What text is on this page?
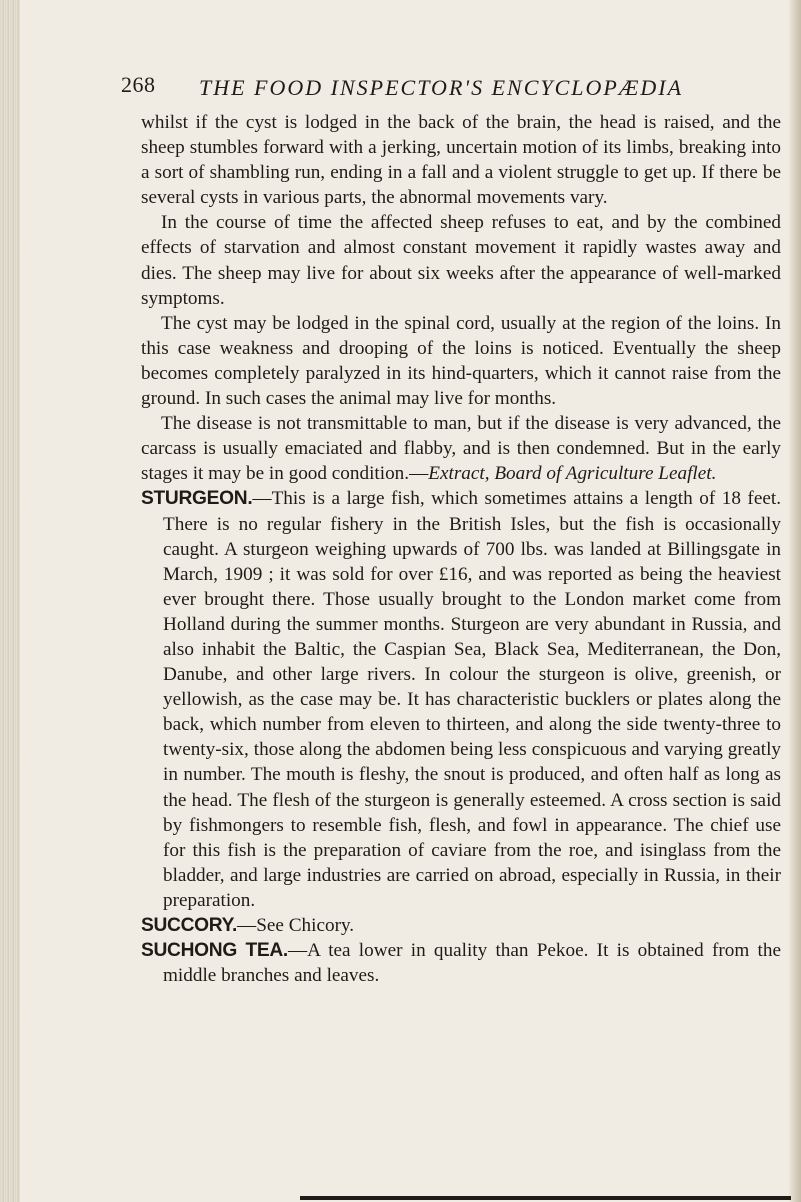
268 THE FOOD INSPECTOR'S ENCYCLOPÆDIA

whilst if the cyst is lodged in the back of the brain, the head is raised, and the sheep stumbles forward with a jerking, uncertain motion of its limbs, breaking into a sort of shambling run, ending in a fall and a violent struggle to get up. If there be several cysts in various parts, the abnormal movements vary.

In the course of time the affected sheep refuses to eat, and by the combined effects of starvation and almost constant movement it rapidly wastes away and dies. The sheep may live for about six weeks after the appearance of well-marked symptoms.

The cyst may be lodged in the spinal cord, usually at the region of the loins. In this case weakness and drooping of the loins is noticed. Eventually the sheep becomes completely paralyzed in its hind-quarters, which it cannot raise from the ground. In such cases the animal may live for months.

The disease is not transmittable to man, but if the disease is very advanced, the carcass is usually emaciated and flabby, and is then condemned. But in the early stages it may be in good condition.—Extract, Board of Agriculture Leaflet.

STURGEON.—This is a large fish, which sometimes attains a length of 18 feet. There is no regular fishery in the British Isles, but the fish is occasionally caught. A sturgeon weighing upwards of 700 lbs. was landed at Billingsgate in March, 1909 ; it was sold for over £16, and was reported as being the heaviest ever brought there. Those usually brought to the London market come from Holland during the summer months. Sturgeon are very abundant in Russia, and also inhabit the Baltic, the Caspian Sea, Black Sea, Mediterranean, the Don, Danube, and other large rivers. In colour the sturgeon is olive, greenish, or yellowish, as the case may be. It has characteristic bucklers or plates along the back, which number from eleven to thirteen, and along the side twenty-three to twenty-six, those along the abdomen being less conspicuous and varying greatly in number. The mouth is fleshy, the snout is produced, and often half as long as the head. The flesh of the sturgeon is generally esteemed. A cross section is said by fishmongers to resemble fish, flesh, and fowl in appearance. The chief use for this fish is the preparation of caviare from the roe, and isinglass from the bladder, and large industries are carried on abroad, especially in Russia, in their preparation.

SUCCORY.—See Chicory.

SUCHONG TEA.—A tea lower in quality than Pekoe. It is obtained from the middle branches and leaves.
